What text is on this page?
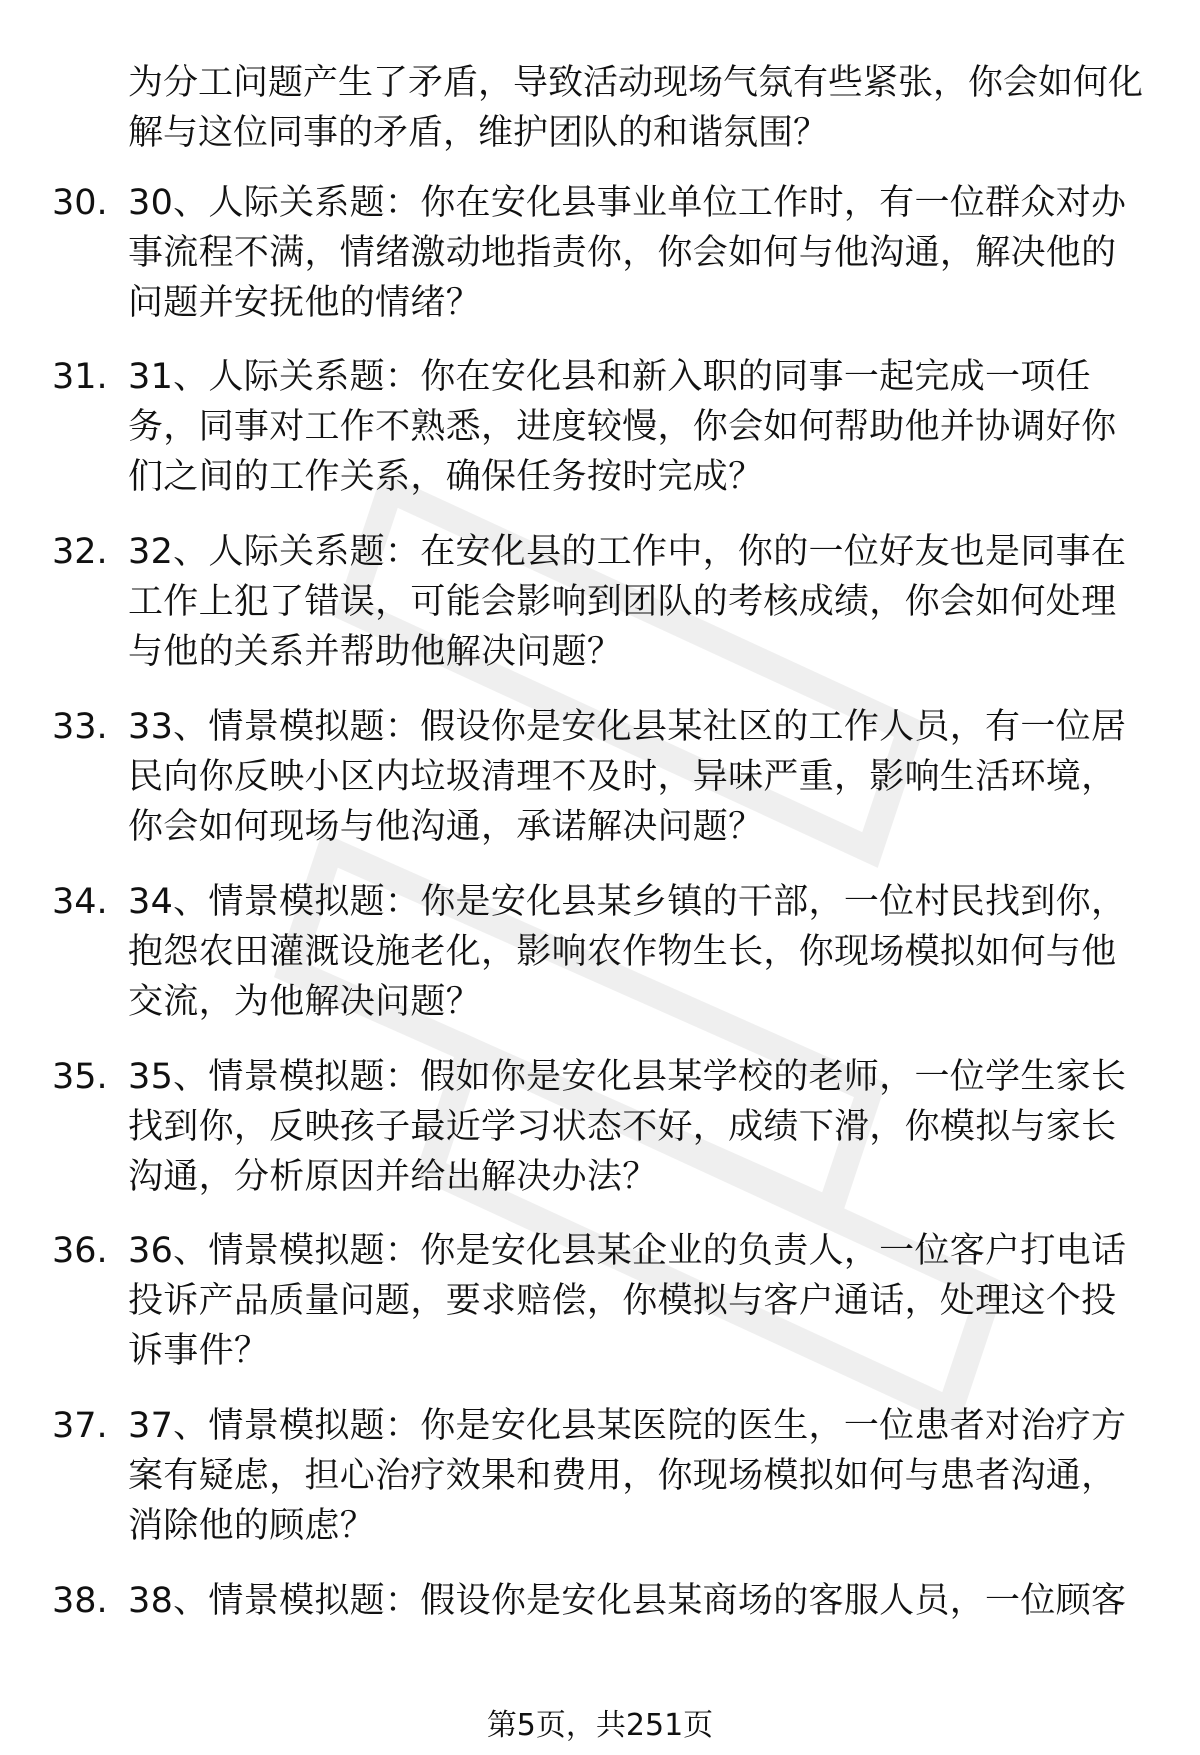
为分工问题产生了矛盾，导致活动现场气氛有些紧张，你会如何化解与这位同事的矛盾，维护团队的和谐氛围？

30. 30、人际关系题：你在安化县事业单位工作时，有一位群众对办事流程不满，情绪激动地指责你，你会如何与他沟通，解决他的问题并安抚他的情绪？

31. 31、人际关系题：你在安化县和新入职的同事一起完成一项任务，同事对工作不熟悉，进度较慢，你会如何帮助他并协调好你们之间的工作关系，确保任务按时完成？

32. 32、人际关系题：在安化县的工作中，你的一位好友也是同事在工作上犯了错误，可能会影响到团队的考核成绩，你会如何处理与他的关系并帮助他解决问题？

33. 33、情景模拟题：假设你是安化县某社区的工作人员，有一位居民向你反映小区内垃圾清理不及时，异味严重，影响生活环境，你会如何现场与他沟通，承诺解决问题？

34. 34、情景模拟题：你是安化县某乡镇的干部，一位村民找到你，抱怨农田灌溉设施老化，影响农作物生长，你现场模拟如何与他交流，为他解决问题？

35. 35、情景模拟题：假如你是安化县某学校的老师，一位学生家长找到你，反映孩子最近学习状态不好，成绩下滑，你模拟与家长沟通，分析原因并给出解决办法？

36. 36、情景模拟题：你是安化县某企业的负责人，一位客户打电话投诉产品质量问题，要求赔偿，你模拟与客户通话，处理这个投诉事件？

37. 37、情景模拟题：你是安化县某医院的医生，一位患者对治疗方案有疑虑，担心治疗效果和费用，你现场模拟如何与患者沟通，消除他的顾虑？

38. 38、情景模拟题：假设你是安化县某商场的客服人员，一位顾客

第5页，共251页
